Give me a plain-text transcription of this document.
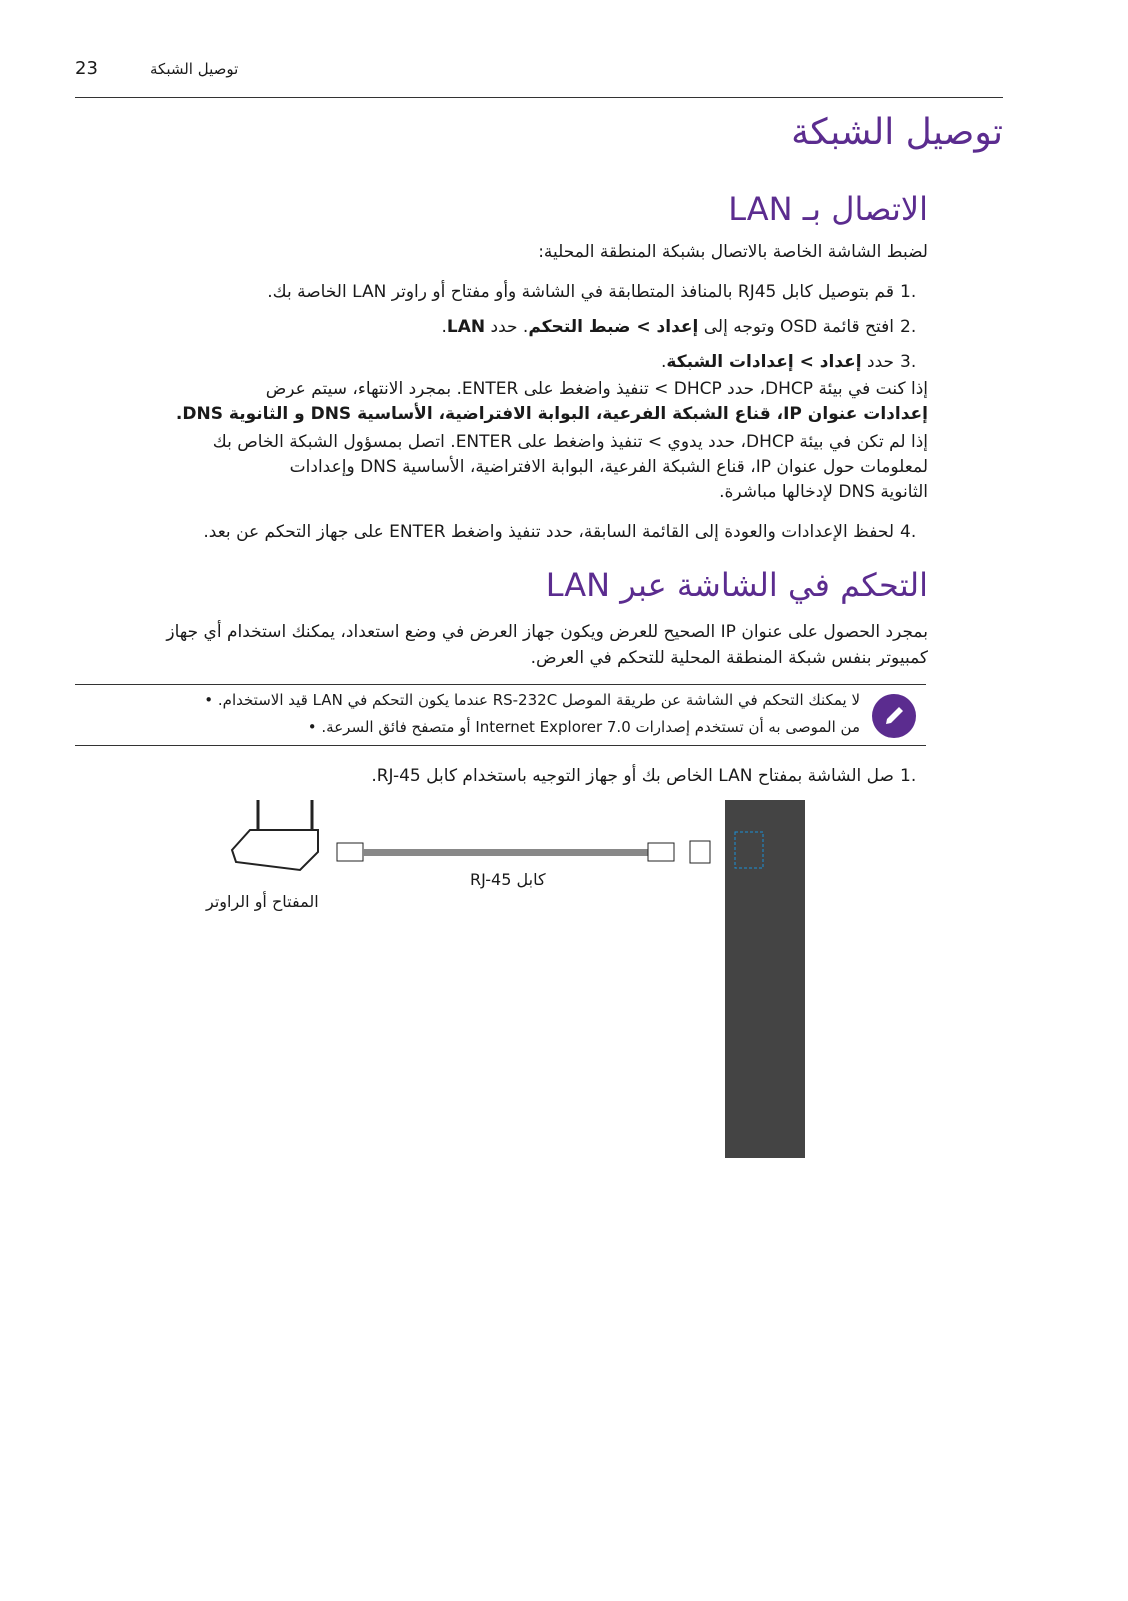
23	توصيل الشبكة
توصيل الشبكة
الاتصال بـ LAN
لضبط الشاشة الخاصة بالاتصال بشبكة المنطقة المحلية:
1.
قم بتوصيل كابل RJ45 بالمنافذ المتطابقة في الشاشة وأو مفتاح أو راوتر LAN الخاصة بك.
2.
افتح قائمة OSD وتوجه إلى إعداد > ضبط التحكم. حدد LAN.
3.
حدد إعداد > إعدادات الشبكة.
إذا كنت في بيئة DHCP، حدد DHCP > تنفيذ واضغط على ENTER. بمجرد الانتهاء، سيتم عرض
إعدادات عنوان IP، قناع الشبكة الفرعية، البوابة الافتراضية، الأساسية DNS و الثانوية DNS.
إذا لم تكن في بيئة DHCP، حدد يدوي > تنفيذ واضغط على ENTER. اتصل بمسؤول الشبكة الخاص بك
لمعلومات حول عنوان IP، قناع الشبكة الفرعية، البوابة الافتراضية، الأساسية DNS وإعدادات
الثانوية DNS لإدخالها مباشرة.
4.
لحفظ الإعدادات والعودة إلى القائمة السابقة، حدد تنفيذ واضغط ENTER على جهاز التحكم عن بعد.
التحكم في الشاشة عبر LAN
بمجرد الحصول على عنوان IP الصحيح للعرض ويكون جهاز العرض في وضع استعداد، يمكنك استخدام أي جهاز
كمبيوتر بنفس شبكة المنطقة المحلية للتحكم في العرض.
لا يمكنك التحكم في الشاشة عن طريقة الموصل RS-232C عندما يكون التحكم في LAN قيد الاستخدام. •
من الموصى به أن تستخدم إصدارات Internet Explorer 7.0 أو متصفح فائق السرعة. •
1.
صل الشاشة بمفتاح LAN الخاص بك أو جهاز التوجيه باستخدام كابل RJ-45.
كابل RJ-45
المفتاح أو الراوتر
